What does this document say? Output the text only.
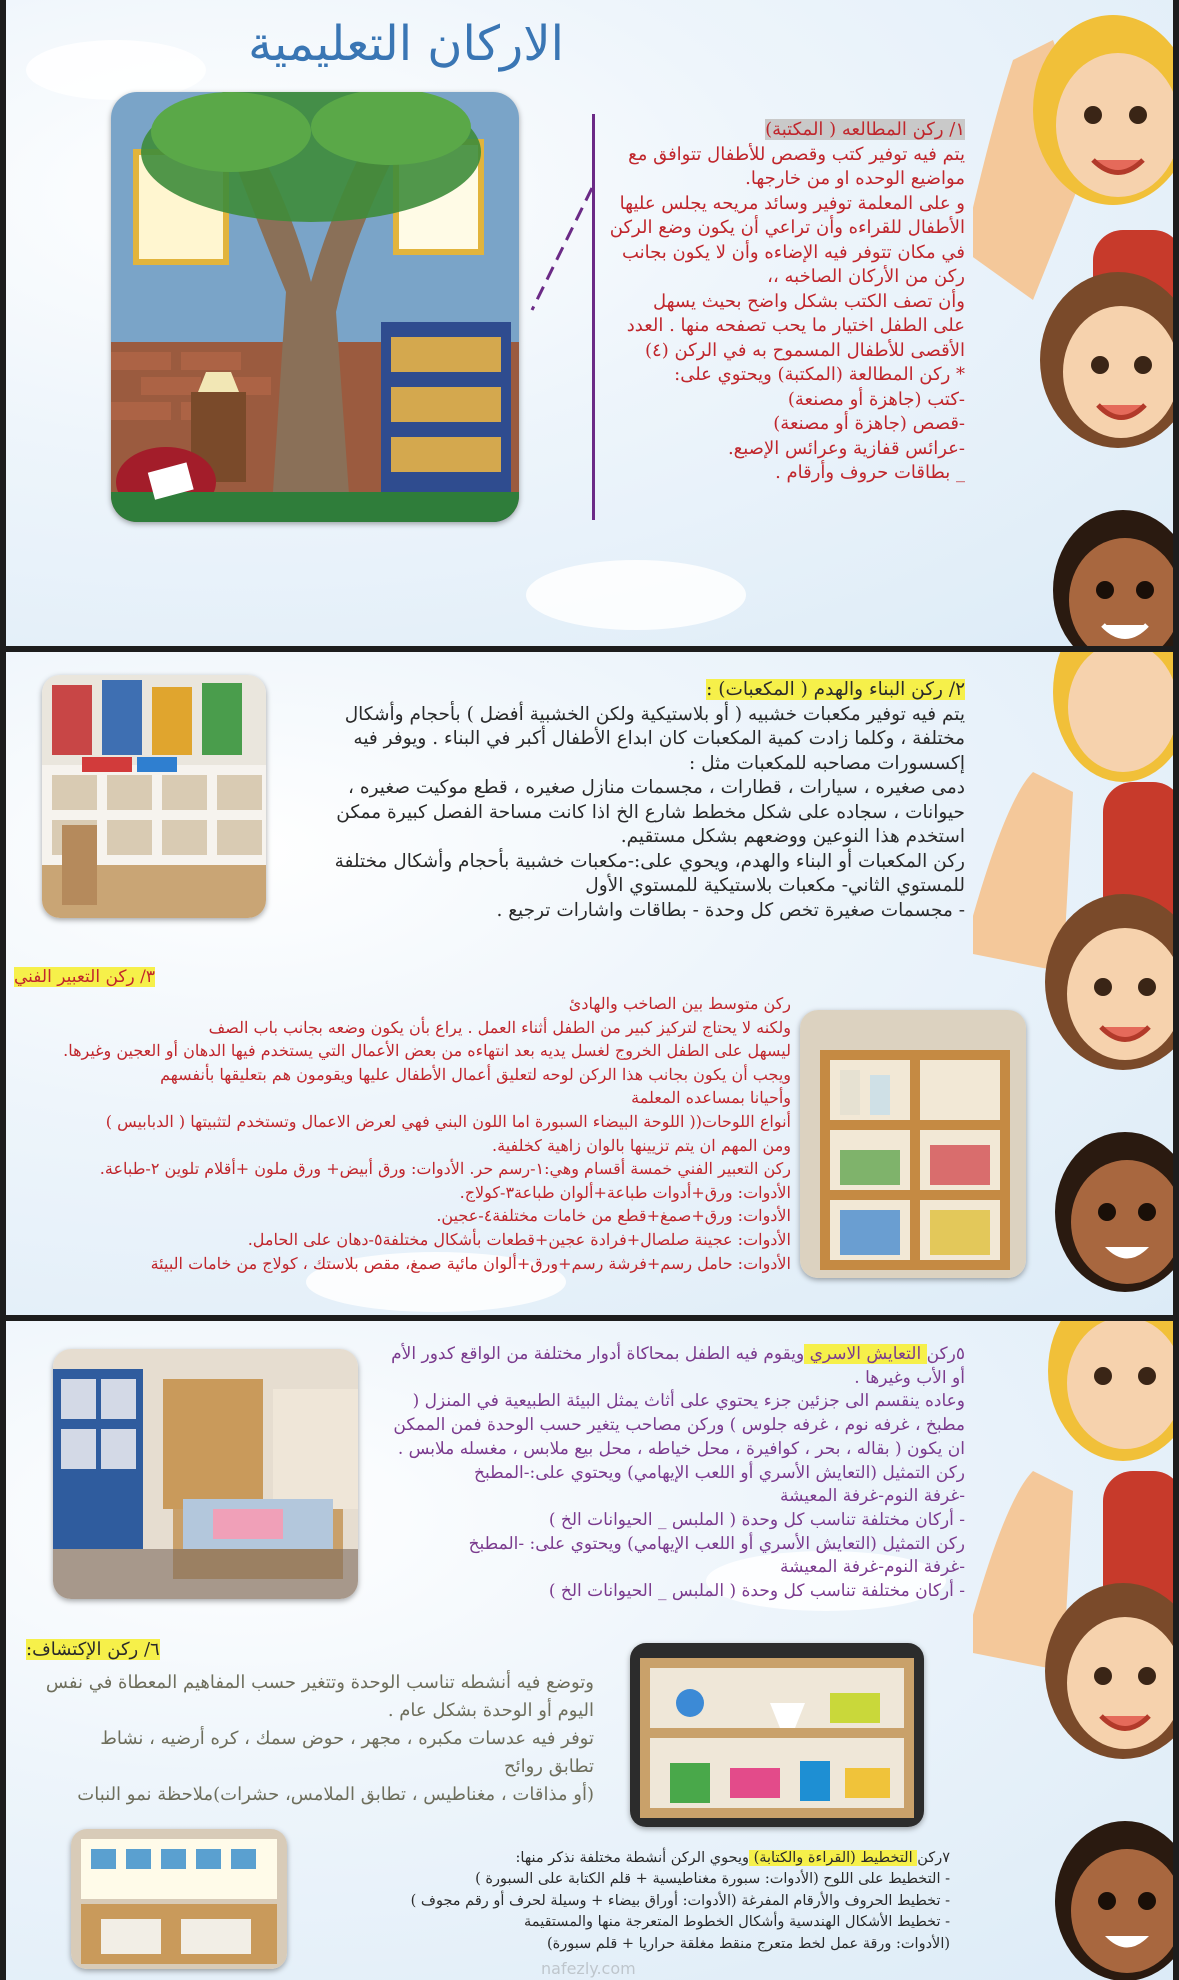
الاركان التعليمية
١/ ركن المطالعه ( المكتبة)
يتم فيه توفير كتب وقصص للأطفال تتوافق مع
مواضيع الوحده او من خارجها.
و على المعلمة توفير وسائد مريحه يجلس عليها
الأطفال للقراءه وأن تراعي أن يكون وضع الركن
في مكان تتوفر فيه الإضاءه وأن لا يكون بجانب
ركن من الأركان الصاخبه ،،
وأن تصف الكتب بشكل واضح بحيث يسهل
على الطفل اختيار ما يحب تصفحه منها . العدد
الأقصى للأطفال المسموح به في الركن (٤)
* ركن المطالعة (المكتبة) ويحتوي على:
-كتب (جاهزة أو مصنعة)
-قصص (جاهزة أو مصنعة)
-عرائس قفازية وعرائس الإصبع.
_ بطاقات حروف وأرقام .
٢/ ركن البناء والهدم ( المكعبات) :
يتم فيه توفير مكعبات خشبيه ( أو بلاستيكية ولكن الخشبية أفضل ) بأحجام وأشكال
مختلفة ، وكلما زادت كمية المكعبات كان ابداع الأطفال أكبر في البناء . ويوفر فيه
إكسسورات مصاحبه للمكعبات مثل :
دمى صغيره ، سيارات ، قطارات ، مجسمات منازل صغيره ، قطع موكيت صغيره ،
حيوانات ، سجاده على شكل مخطط شارع الخ اذا كانت مساحة الفصل كبيرة ممكن
استخدم هذا النوعين ووضعهم بشكل مستقيم.
ركن المكعبات أو البناء والهدم، ويحوي على:-مكعبات خشبية بأحجام وأشكال مختلفة
للمستوي الثاني- مكعبات بلاستيكية للمستوي الأول
- مجسمات صغيرة تخص كل وحدة - بطاقات واشارات ترجيع .
٣/ ركن التعبير الفني
ركن متوسط بين الصاخب والهادئ
ولكنه لا يحتاج لتركيز كبير من الطفل أثناء العمل . يراع بأن يكون وضعه بجانب باب الصف
ليسهل على الطفل الخروج لغسل يديه بعد انتهاءه من بعض الأعمال التي يستخدم فيها الدهان أو العجين وغيرها.
ويجب أن يكون بجانب هذا الركن لوحه لتعليق أعمال الأطفال عليها ويقومون هم بتعليقها بأنفسهم
وأحيانا بمساعده المعلمة
أنواع اللوحات(( اللوحة البيضاء السبورة اما اللون البني فهي لعرض الاعمال وتستخدم لتثبيتها ( الدبابيس )
ومن المهم ان يتم تزيينها بالوان زاهية كخلفية.
ركن التعبير الفني خمسة أقسام وهي:١-رسم حر. الأدوات: ورق أبيض+ ورق ملون +أقلام تلوين ٢-طباعة.
الأدوات: ورق+أدوات طباعة+ألوان طباعة٣-كولاج.
الأدوات: ورق+صمغ+قطع من خامات مختلفة٤-عجين.
الأدوات: عجينة صلصال+فرادة عجين+قطعات بأشكال مختلفة٥-دهان على الحامل.
الأدوات: حامل رسم+فرشة رسم+ورق+ألوان مائية صمغ، مقص بلاستك ، كولاج من خامات البيئة
٥ركن التعايش الاسري ويقوم فيه الطفل بمحاكاة أدوار مختلفة من الواقع كدور الأم
أو الأب وغيرها .
وعاده ينقسم الى جزئين جزء يحتوي على أثاث يمثل البيئة الطبيعية في المنزل (
مطبخ ، غرفه نوم ، غرفه جلوس ) وركن مصاحب يتغير حسب الوحدة فمن الممكن
ان يكون ( بقاله ، بحر ، كوافيرة ، محل خياطه ، محل بيع ملابس ، مغسله ملابس .
ركن التمثيل (التعايش الأسري أو اللعب الإيهامي) ويحتوي على:-المطبخ
-غرفة النوم-غرفة المعيشة
- أركان مختلفة تناسب كل وحدة ( الملبس _ الحيوانات الخ )
ركن التمثيل (التعايش الأسري أو اللعب الإيهامي) ويحتوي على: -المطبخ
-غرفة النوم-غرفة المعيشة
- أركان مختلفة تناسب كل وحدة ( الملبس _ الحيوانات الخ )
٦/ ركن الإكتشاف:
وتوضع فيه أنشطه تناسب الوحدة وتتغير حسب المفاهيم المعطاة في نفس
اليوم أو الوحدة بشكل عام .
توفر فيه عدسات مكبره ، مجهر ، حوض سمك ، كره أرضيه ، نشاط
تطابق روائح
(أو مذاقات ، مغناطيس ، تطابق الملامس، حشرات)ملاحظة نمو النبات
٧ركن التخطيط (القراءة والكتابة) ويحوي الركن أنشطة مختلفة نذكر منها:
- التخطيط على اللوح (الأدوات: سبورة مغناطيسية + قلم الكتابة على السبورة )
- تخطيط الحروف والأرقام المفرغة (الأدوات: أوراق بيضاء + وسيلة لحرف أو رقم مجوف )
- تخطيط الأشكال الهندسية وأشكال الخطوط المتعرجة منها والمستقيمة
(الأدوات: ورقة عمل لخط متعرج منقط مغلقة حراريا + قلم سبورة)
nafezly.com
